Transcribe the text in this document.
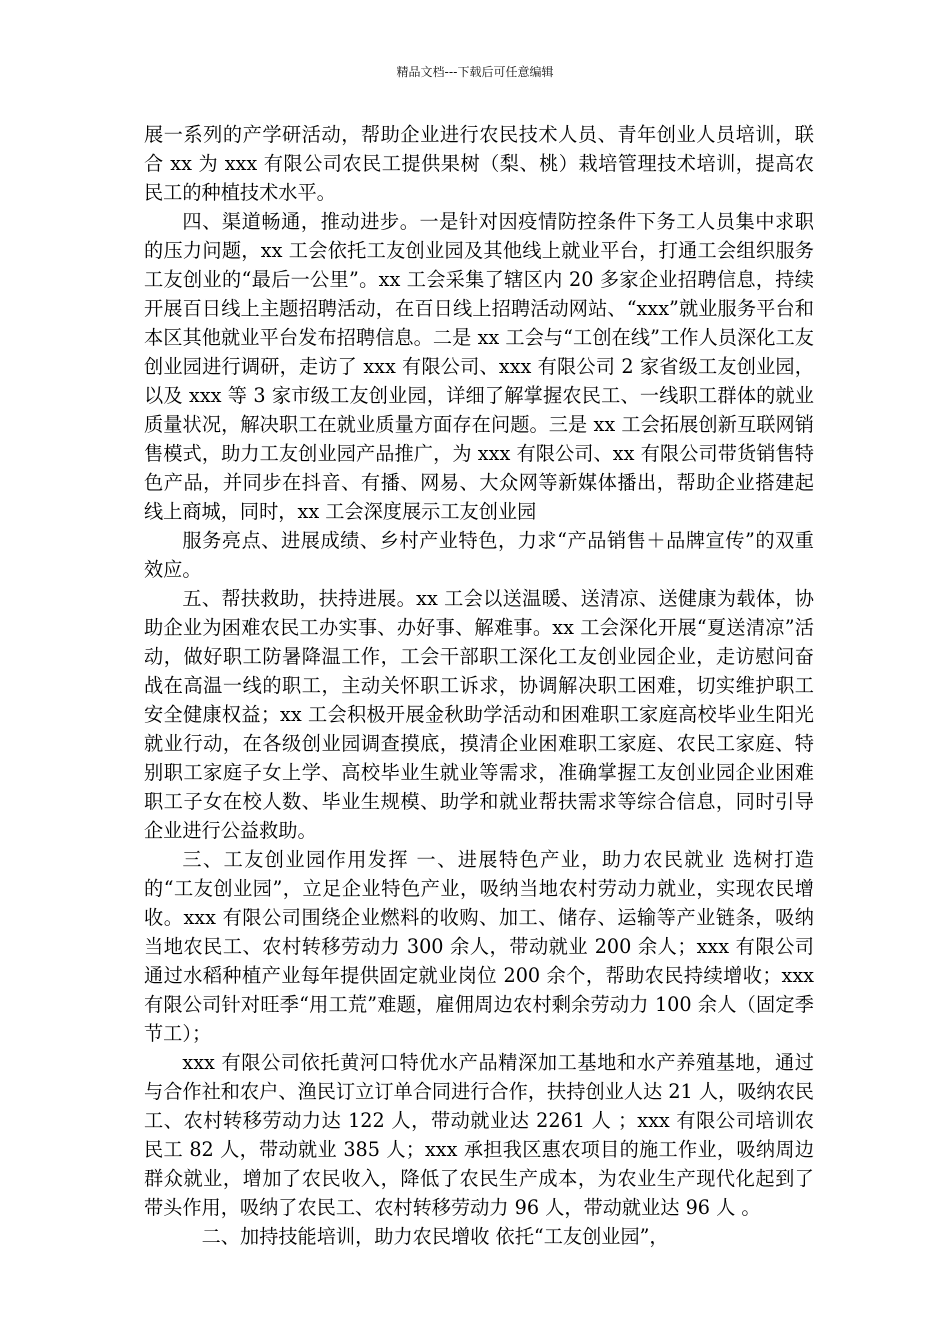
精品文档---下载后可任意编辑

展一系列的产学研活动，帮助企业进行农民技术人员、青年创业人员培训，联合 xx 为 xxx 有限公司农民工提供果树（梨、桃）栽培管理技术培训，提高农民工的种植技术水平。

四、渠道畅通，推动进步。一是针对因疫情防控条件下务工人员集中求职的压力问题，xx 工会依托工友创业园及其他线上就业平台，打通工会组织服务工友创业的“最后一公里”。xx 工会采集了辖区内 20 多家企业招聘信息，持续开展百日线上主题招聘活动，在百日线上招聘活动网站、“xxx”就业服务平台和本区其他就业平台发布招聘信息。二是 xx 工会与“工创在线”工作人员深化工友创业园进行调研，走访了 xxx 有限公司、xxx 有限公司 2 家省级工友创业园，以及 xxx 等 3 家市级工友创业园，详细了解掌握农民工、一线职工群体的就业质量状况，解决职工在就业质量方面存在问题。三是 xx 工会拓展创新互联网销售模式，助力工友创业园产品推广，为 xxx 有限公司、xx 有限公司带货销售特色产品，并同步在抖音、有播、网易、大众网等新媒体播出，帮助企业搭建起线上商城，同时，xx 工会深度展示工友创业园

服务亮点、进展成绩、乡村产业特色，力求“产品销售＋品牌宣传”的双重效应。

五、帮扶救助，扶持进展。xx 工会以送温暖、送清凉、送健康为载体，协助企业为困难农民工办实事、办好事、解难事。xx 工会深化开展“夏送清凉”活动，做好职工防暑降温工作，工会干部职工深化工友创业园企业，走访慰问奋战在高温一线的职工，主动关怀职工诉求，协调解决职工困难，切实维护职工安全健康权益；xx 工会积极开展金秋助学活动和困难职工家庭高校毕业生阳光就业行动，在各级创业园调查摸底，摸清企业困难职工家庭、农民工家庭、特别职工家庭子女上学、高校毕业生就业等需求，准确掌握工友创业园企业困难职工子女在校人数、毕业生规模、助学和就业帮扶需求等综合信息，同时引导企业进行公益救助。

三、工友创业园作用发挥 一、进展特色产业，助力农民就业 选树打造的“工友创业园”，立足企业特色产业，吸纳当地农村劳动力就业，实现农民增收。xxx 有限公司围绕企业燃料的收购、加工、储存、运输等产业链条，吸纳当地农民工、农村转移劳动力 300 余人，带动就业 200 余人；xxx 有限公司通过水稻种植产业每年提供固定就业岗位 200 余个，帮助农民持续增收；xxx 有限公司针对旺季“用工荒”难题，雇佣周边农村剩余劳动力 100 余人（固定季节工）；

xxx 有限公司依托黄河口特优水产品精深加工基地和水产养殖基地，通过与合作社和农户、渔民订立订单合同进行合作，扶持创业人达 21 人，吸纳农民工、农村转移劳动力达 122 人，带动就业达 2261 人 ；xxx 有限公司培训农民工 82 人，带动就业 385 人；xxx 承担我区惠农项目的施工作业，吸纳周边群众就业，增加了农民收入，降低了农民生产成本，为农业生产现代化起到了带头作用，吸纳了农民工、农村转移劳动力 96 人，带动就业达 96 人 。

二、加持技能培训，助力农民增收 依托“工友创业园”，
